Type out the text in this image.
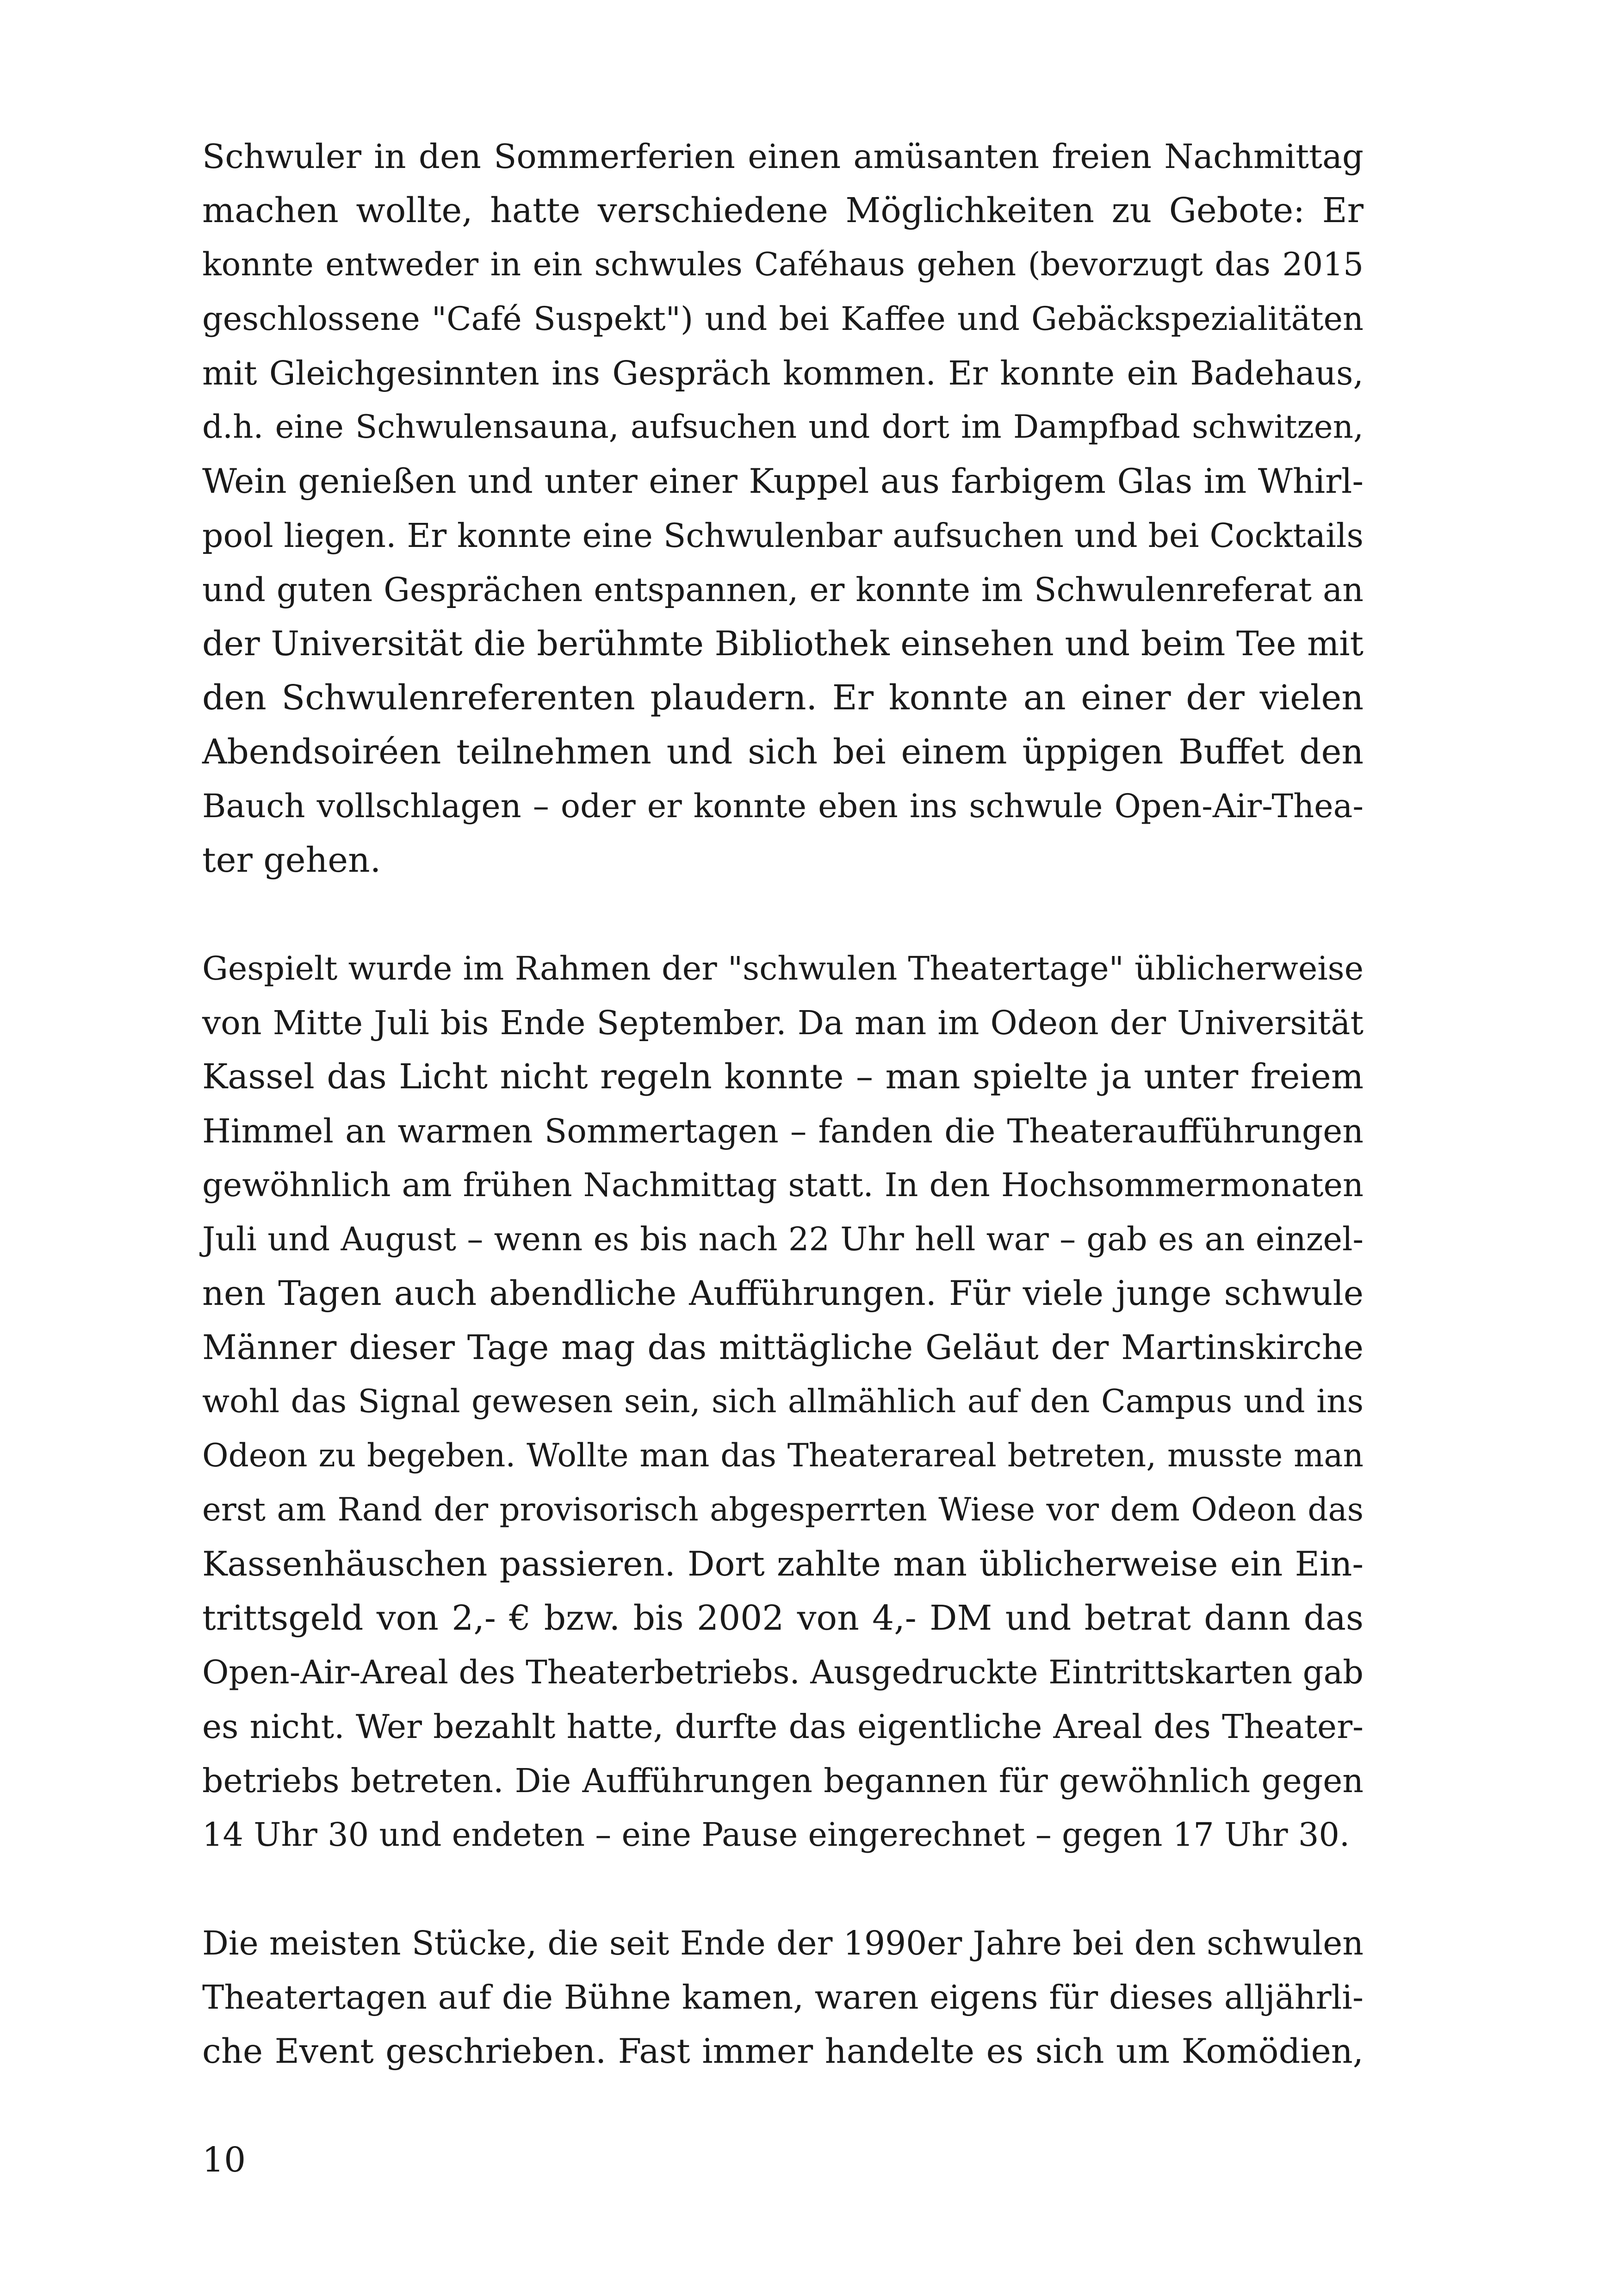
Schwuler in den Sommerferien einen amüsanten freien Nachmittag
machen wollte, hatte verschiedene Möglichkeiten zu Gebote: Er
konnte entweder in ein schwules Caféhaus gehen (bevorzugt das 2015
geschlossene "Café Suspekt") und bei Kaffee und Gebäckspezialitäten
mit Gleichgesinnten ins Gespräch kommen. Er konnte ein Badehaus,
d.h. eine Schwulensauna, aufsuchen und dort im Dampfbad schwitzen,
Wein genießen und unter einer Kuppel aus farbigem Glas im Whirl-
pool liegen. Er konnte eine Schwulenbar aufsuchen und bei Cocktails
und guten Gesprächen entspannen, er konnte im Schwulenreferat an
der Universität die berühmte Bibliothek einsehen und beim Tee mit
den Schwulenreferenten plaudern. Er konnte an einer der vielen
Abendsoiréen teilnehmen und sich bei einem üppigen Buffet den
Bauch vollschlagen – oder er konnte eben ins schwule Open-Air-Thea-
ter gehen.
Gespielt wurde im Rahmen der "schwulen Theatertage" üblicherweise
von Mitte Juli bis Ende September. Da man im Odeon der Universität
Kassel das Licht nicht regeln konnte – man spielte ja unter freiem
Himmel an warmen Sommertagen – fanden die Theateraufführungen
gewöhnlich am frühen Nachmittag statt. In den Hochsommermonaten
Juli und August – wenn es bis nach 22 Uhr hell war – gab es an einzel-
nen Tagen auch abendliche Aufführungen. Für viele junge schwule
Männer dieser Tage mag das mittägliche Geläut der Martinskirche
wohl das Signal gewesen sein, sich allmählich auf den Campus und ins
Odeon zu begeben. Wollte man das Theaterareal betreten, musste man
erst am Rand der provisorisch abgesperrten Wiese vor dem Odeon das
Kassenhäuschen passieren. Dort zahlte man üblicherweise ein Ein-
trittsgeld von 2,- € bzw. bis 2002 von 4,- DM und betrat dann das
Open-Air-Areal des Theaterbetriebs. Ausgedruckte Eintrittskarten gab
es nicht. Wer bezahlt hatte, durfte das eigentliche Areal des Theater-
betriebs betreten. Die Aufführungen begannen für gewöhnlich gegen
14 Uhr 30 und endeten – eine Pause eingerechnet – gegen 17 Uhr 30.
Die meisten Stücke, die seit Ende der 1990er Jahre bei den schwulen
Theatertagen auf die Bühne kamen, waren eigens für dieses alljährli-
che Event geschrieben. Fast immer handelte es sich um Komödien,
10
